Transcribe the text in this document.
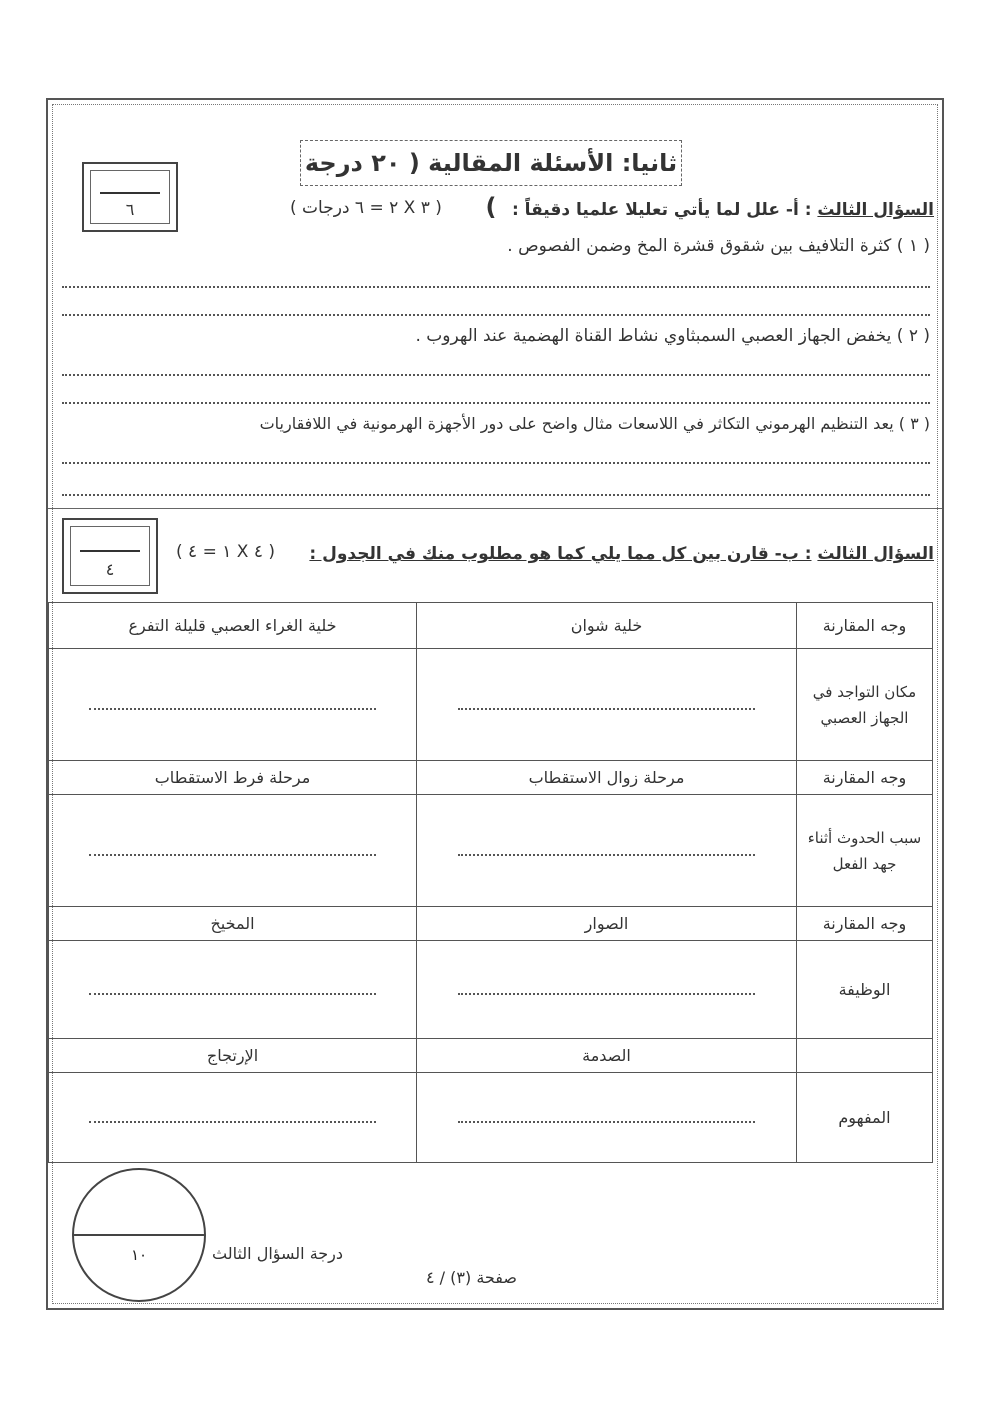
ثانيا: الأسئلة المقالية ( ٢٠ درجة )
٦	السؤال الثالث : أ- علل لما يأتي تعليلا علميا دقيقاً :
( ٣ X ٢ = ٦ درجات )
( ١ ) كثرة التلافيف بين شقوق قشرة المخ وضمن الفصوص .
( ٢ ) يخفض الجهاز العصبي السمبثاوي نشاط القناة الهضمية عند الهروب .
( ٣ ) يعد التنظيم الهرموني التكاثر في اللاسعات مثال واضح على دور الأجهزة الهرمونية في اللافقاريات
٤
السؤال الثالث : ب- قارن بين كل مما يلي كما هو مطلوب منك في الجدول :
( ٤ X ١ = ٤ )
وجه المقارنة	خلية شوان	خلية الغراء العصبي قليلة التفرع
مكان التواجد في الجهاز العصبي		
وجه المقارنة	مرحلة زوال الاستقطاب	مرحلة فرط الاستقطاب
سبب الحدوث أثناء جهد الفعل		
وجه المقارنة	الصوار	المخيخ
الوظيفة		
	الصدمة	الإرتجاج
المفهوم		
١٠	درجة السؤال الثالث
صفحة (٣) / ٤
